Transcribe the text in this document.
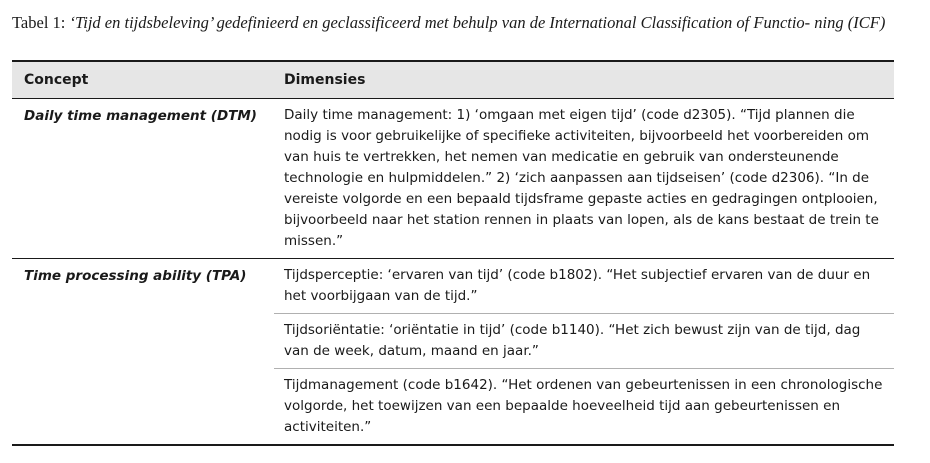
Tabel 1: ‘Tijd en tijdsbeleving’ gedefinieerd en geclassificeerd met behulp van de International Classification of Functio- ning (ICF)
Concept	Dimensies
Daily time management (DTM)	Daily time management: 1) ‘omgaan met eigen tijd’ (code d2305). “Tijd plannen die nodig is voor gebruikelijke of specifieke activiteiten, bijvoorbeeld het voorbereiden om van huis te vertrekken, het nemen van medicatie en gebruik van ondersteunende technologie en hulpmiddelen.” 2) ‘zich aanpassen aan tijdseisen’ (code d2306). “In de vereiste volgorde en een bepaald tijdsframe gepaste acties en gedragingen ontplooien, bijvoorbeeld naar het station rennen in plaats van lopen, als de kans bestaat de trein te missen.”
Time processing ability (TPA)	Tijdsperceptie: ‘ervaren van tijd’ (code b1802). “Het subjectief ervaren van de duur en het voorbijgaan van de tijd.”
Tijdsoriëntatie: ‘oriëntatie in tijd’ (code b1140). “Het zich bewust zijn van de tijd, dag van de week, datum, maand en jaar.”
Tijdmanagement (code b1642). “Het ordenen van gebeurtenissen in een chronologische volgorde, het toewijzen van een bepaalde hoeveelheid tijd aan gebeurtenissen en activiteiten.”
